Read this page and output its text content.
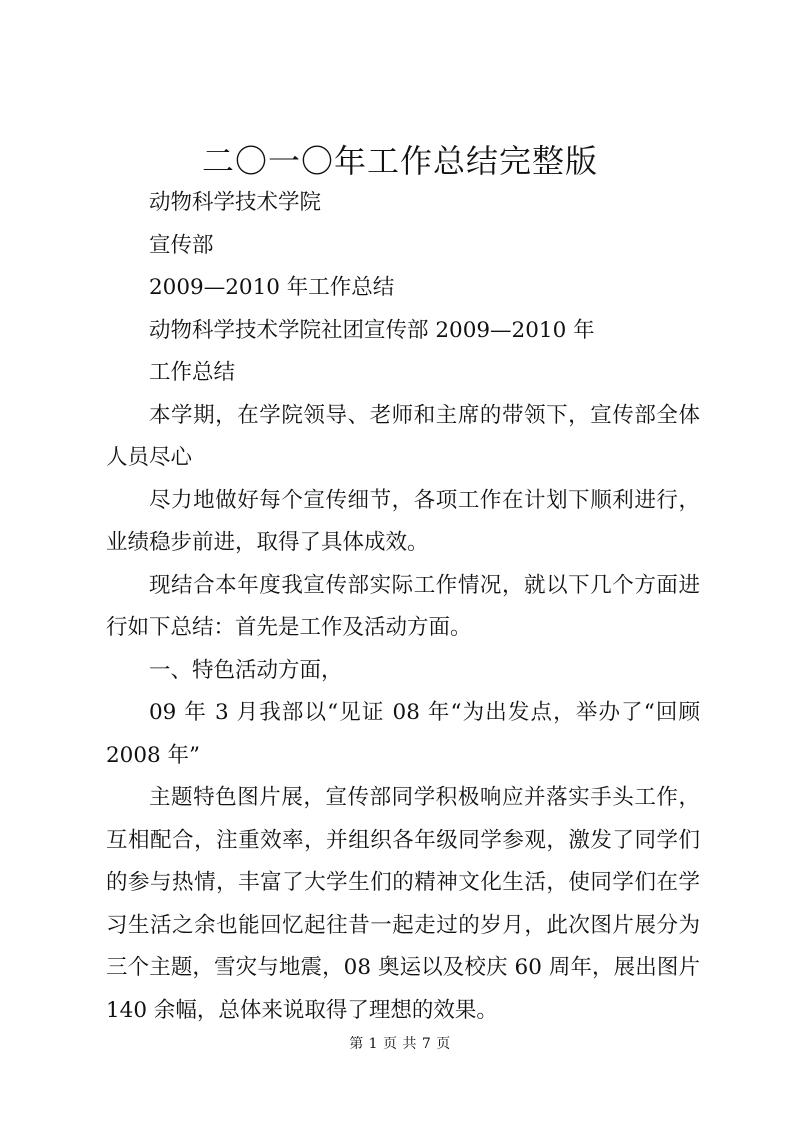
二〇一〇年工作总结完整版

动物科学技术学院

宣传部

2009—2010 年工作总结

动物科学技术学院社团宣传部 2009—2010 年

工作总结

本学期，在学院领导、老师和主席的带领下，宣传部全体人员尽心

尽力地做好每个宣传细节，各项工作在计划下顺利进行，业绩稳步前进，取得了具体成效。

现结合本年度我宣传部实际工作情况，就以下几个方面进行如下总结：首先是工作及活动方面。

一、特色活动方面，

09 年 3 月我部以“见证 08 年“为出发点，举办了“回顾 2008 年”

主题特色图片展，宣传部同学积极响应并落实手头工作，互相配合，注重效率，并组织各年级同学参观，激发了同学们的参与热情，丰富了大学生们的精神文化生活，使同学们在学习生活之余也能回忆起往昔一起走过的岁月，此次图片展分为三个主题，雪灾与地震，08 奥运以及校庆 60 周年，展出图片 140 余幅，总体来说取得了理想的效果。

第 1 页 共 7 页
